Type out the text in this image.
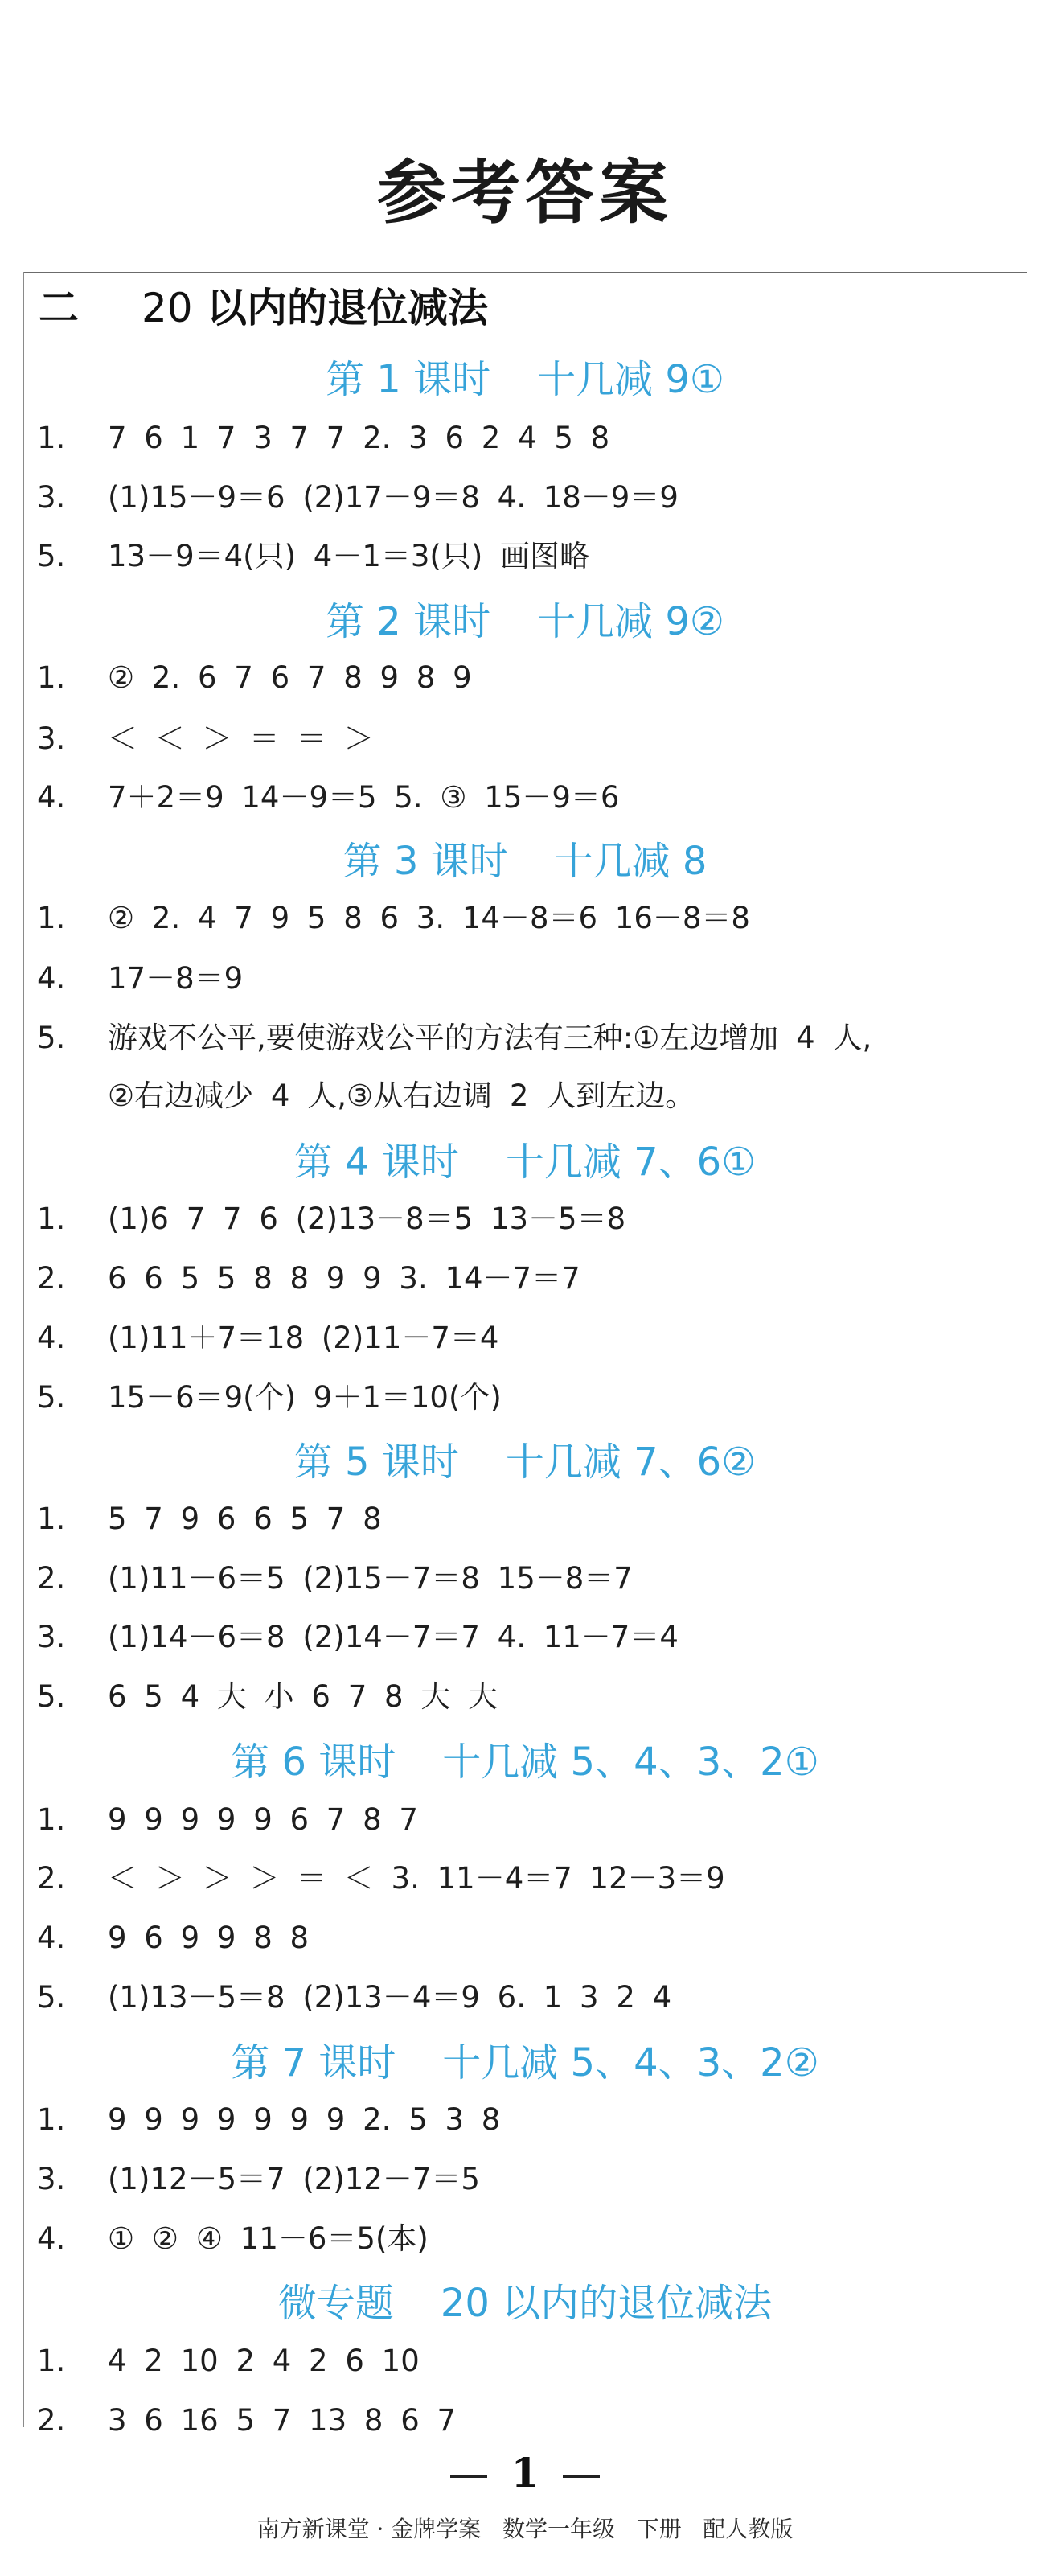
参考答案
二 20 以内的退位减法
第 1 课时 十几减 9①
1. 7 6 1 7 3 7 7 2. 3 6 2 4 5 8
3. (1)15－9＝6 (2)17－9＝8 4. 18－9＝9
5. 13－9＝4(只) 4－1＝3(只) 画图略
第 2 课时 十几减 9②
1. ② 2. 6 7 6 7 8 9 8 9
3. ＜ ＜ ＞ ＝ ＝ ＞
4. 7＋2＝9 14－9＝5 5. ③ 15－9＝6
第 3 课时 十几减 8
1. ② 2. 4 7 9 5 8 6 3. 14－8＝6 16－8＝8
4. 17－8＝9
5. 游戏不公平,要使游戏公平的方法有三种:①左边增加 4 人,
②右边减少 4 人,③从右边调 2 人到左边。
第 4 课时 十几减 7、6①
1. (1)6 7 7 6 (2)13－8＝5 13－5＝8
2. 6 6 5 5 8 8 9 9 3. 14－7＝7
4. (1)11＋7＝18 (2)11－7＝4
5. 15－6＝9(个) 9＋1＝10(个)
第 5 课时 十几减 7、6②
1. 5 7 9 6 6 5 7 8
2. (1)11－6＝5 (2)15－7＝8 15－8＝7
3. (1)14－6＝8 (2)14－7＝7 4. 11－7＝4
5. 6 5 4 大 小 6 7 8 大 大
第 6 课时 十几减 5、4、3、2①
1. 9 9 9 9 9 6 7 8 7
2. ＜ ＞ ＞ ＞ ＝ ＜ 3. 11－4＝7 12－3＝9
4. 9 6 9 9 8 8
5. (1)13－5＝8 (2)13－4＝9 6. 1 3 2 4
第 7 课时 十几减 5、4、3、2②
1. 9 9 9 9 9 9 9 2. 5 3 8
3. (1)12－5＝7 (2)12－7＝5
4. ① ② ④ 11－6＝5(本)
微专题 20 以内的退位减法
1. 4 2 10 2 4 2 6 10
2. 3 6 16 5 7 13 8 6 7
1
南方新课堂 · 金牌学案   数学一年级   下册   配人教版
